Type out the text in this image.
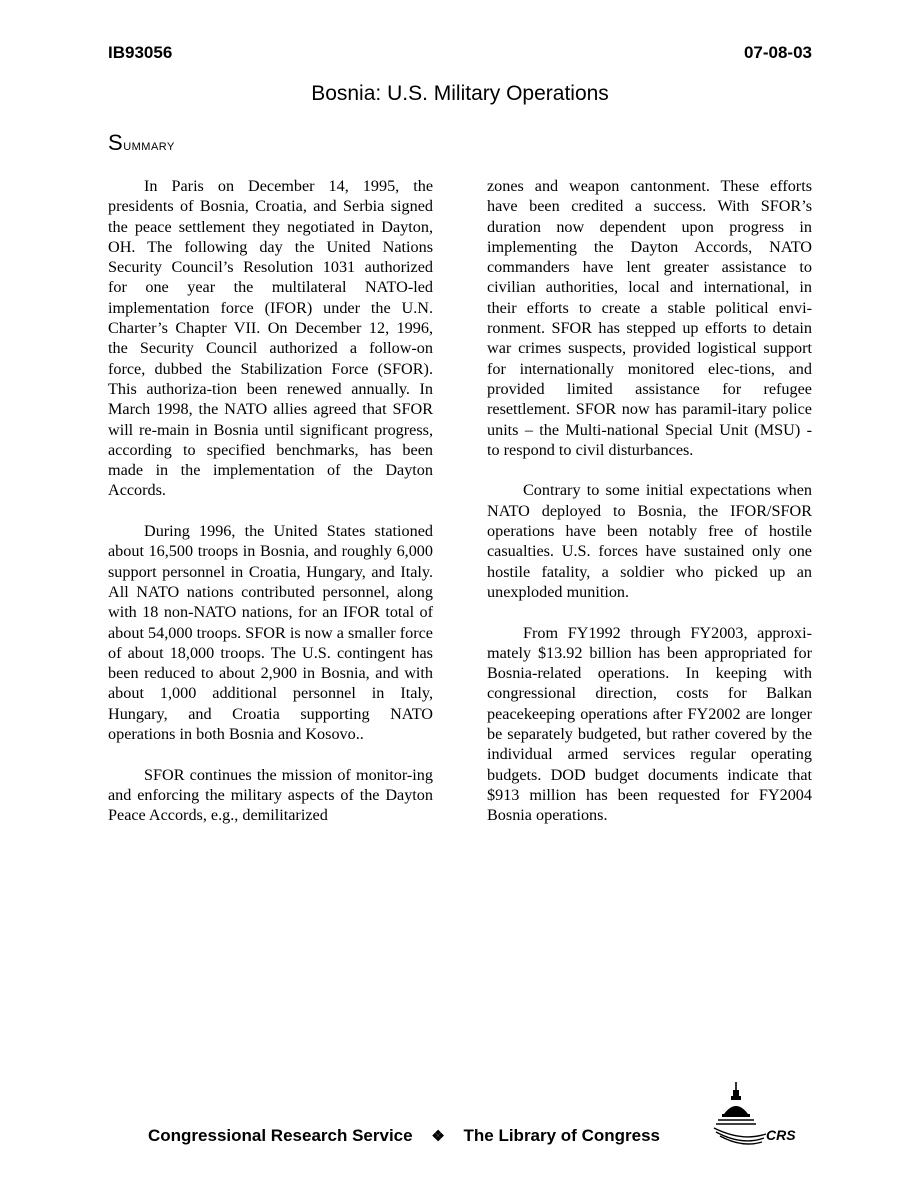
IB93056	07-08-03
Bosnia: U.S. Military Operations
Summary

In Paris on December 14, 1995, the presidents of Bosnia, Croatia, and Serbia signed the peace settlement they negotiated in Dayton, OH. The following day the United Nations Security Council’s Resolution 1031 authorized for one year the multilateral NATO-led implementation force (IFOR) under the U.N. Charter’s Chapter VII. On December 12, 1996, the Security Council authorized a follow-on force, dubbed the Stabilization Force (SFOR). This authoriza-tion been renewed annually. In March 1998, the NATO allies agreed that SFOR will re-main in Bosnia until significant progress, according to specified benchmarks, has been made in the implementation of the Dayton Accords.

During 1996, the United States stationed about 16,500 troops in Bosnia, and roughly 6,000 support personnel in Croatia, Hungary, and Italy. All NATO nations contributed personnel, along with 18 non-NATO nations, for an IFOR total of about 54,000 troops. SFOR is now a smaller force of about 18,000 troops. The U.S. contingent has been reduced to about 2,900 in Bosnia, and with about 1,000 additional personnel in Italy, Hungary, and Croatia supporting NATO operations in both Bosnia and Kosovo..

SFOR continues the mission of monitor-ing and enforcing the military aspects of the Dayton Peace Accords, e.g., demilitarized

zones and weapon cantonment. These efforts have been credited a success. With SFOR’s duration now dependent upon progress in implementing the Dayton Accords, NATO commanders have lent greater assistance to civilian authorities, local and international, in their efforts to create a stable political envi-ronment. SFOR has stepped up efforts to detain war crimes suspects, provided logistical support for internationally monitored elec-tions, and provided limited assistance for refugee resettlement. SFOR now has paramil-itary police units – the Multi-national Special Unit (MSU) - to respond to civil disturbances.

Contrary to some initial expectations when NATO deployed to Bosnia, the IFOR/SFOR operations have been notably free of hostile casualties. U.S. forces have sustained only one hostile fatality, a soldier who picked up an unexploded munition.

From FY1992 through FY2003, approxi-mately $13.92 billion has been appropriated for Bosnia-related operations. In keeping with congressional direction, costs for Balkan peacekeeping operations after FY2002 are longer be separately budgeted, but rather covered by the individual armed services regular operating budgets. DOD budget documents indicate that $913 million has been requested for FY2004 Bosnia operations.

Congressional Research Service ❖ The Library of Congress	CRS
